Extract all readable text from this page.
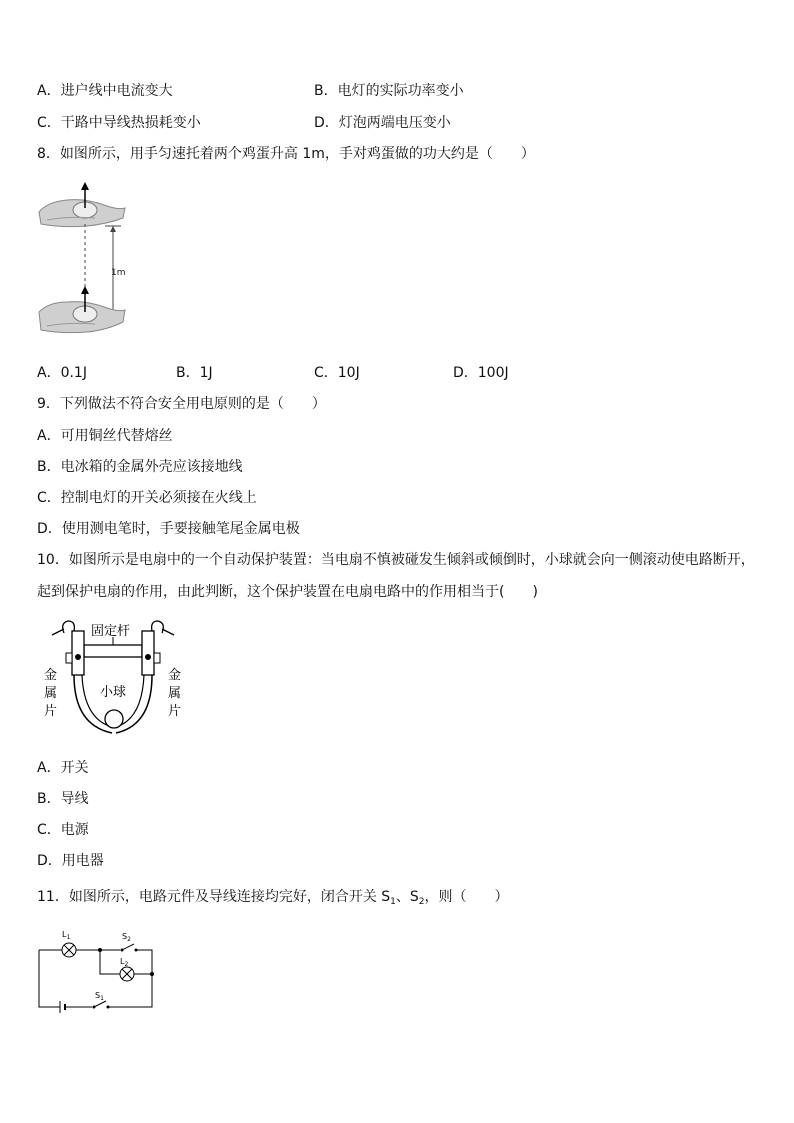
A．进户线中电流变大	B．电灯的实际功率变小
C．干路中导线热损耗变小	D．灯泡两端电压变小
8．如图所示，用手匀速托着两个鸡蛋升高 1m，手对鸡蛋做的功大约是（　　）
1m
A．0.1J	B．1J	C．10J	D．100J
9．下列做法不符合安全用电原则的是（　　）
A．可用铜丝代替熔丝
B．电冰箱的金属外壳应该接地线
C．控制电灯的开关必须接在火线上
D．使用测电笔时，手要接触笔尾金属电极
10．如图所示是电扇中的一个自动保护装置：当电扇不慎被碰发生倾斜或倾倒时，小球就会向一侧滚动使电路断开，
起到保护电扇的作用，由此判断，这个保护装置在电扇电路中的作用相当于(　　)
固定杆
小球
金属片
金属片
A．开关
B．导线
C．电源
D．用电器
11．如图所示，电路元件及导线连接均完好，闭合开关 $S_1$、$S_2$，则（　　）
$S_1$
$L_1$	$S_2$
$L_2$
